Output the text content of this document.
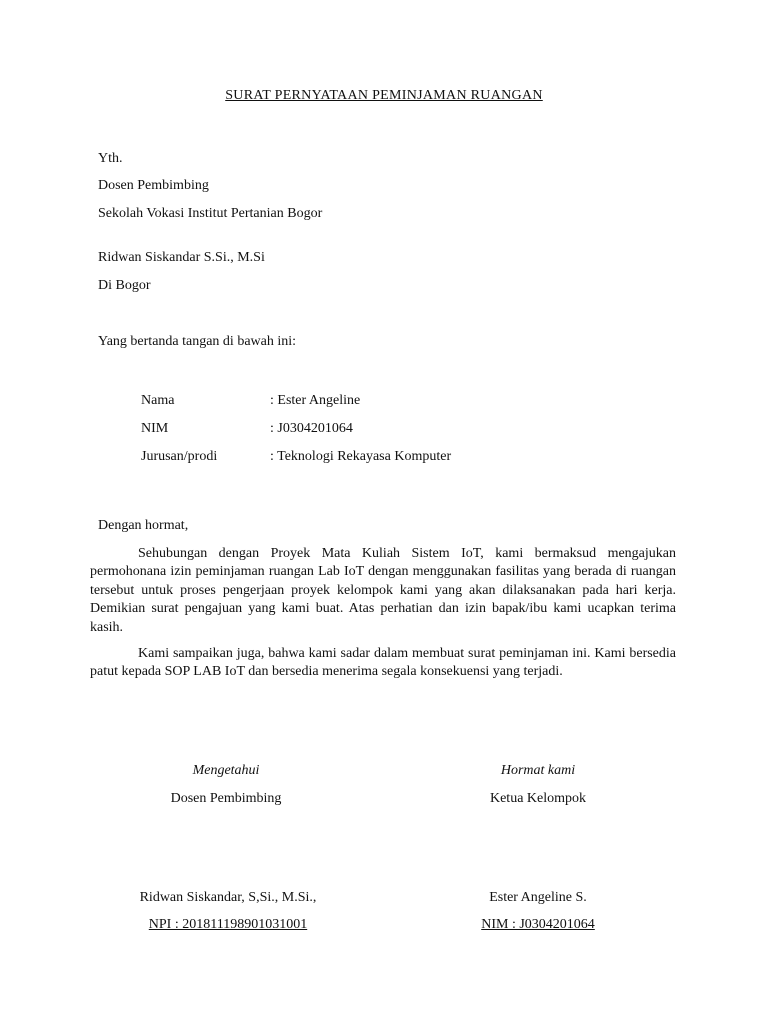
SURAT PERNYATAAN PEMINJAMAN RUANGAN
Yth.
Dosen Pembimbing
Sekolah Vokasi Institut Pertanian Bogor
Ridwan Siskandar S.Si., M.Si
Di Bogor
Yang bertanda tangan di bawah ini:
Nama	: Ester Angeline
NIM	: J0304201064
Jurusan/prodi	: Teknologi Rekayasa Komputer
Dengan hormat,
Sehubungan dengan Proyek Mata Kuliah Sistem IoT, kami bermaksud mengajukan permohonana izin peminjaman ruangan Lab IoT dengan menggunakan fasilitas yang berada di ruangan tersebut untuk proses pengerjaan proyek kelompok kami yang akan dilaksanakan pada hari kerja. Demikian surat pengajuan yang kami buat. Atas perhatian dan izin bapak/ibu kami ucapkan terima kasih.
Kami sampaikan juga, bahwa kami sadar dalam membuat surat peminjaman ini. Kami bersedia patut kepada SOP LAB IoT dan bersedia menerima segala konsekuensi yang terjadi.
Mengetahui
Dosen Pembimbing
Ridwan Siskandar, S,Si., M.Si.,
NPI : 201811198901031001
Hormat kami
Ketua Kelompok
Ester Angeline S.
NIM : J0304201064
